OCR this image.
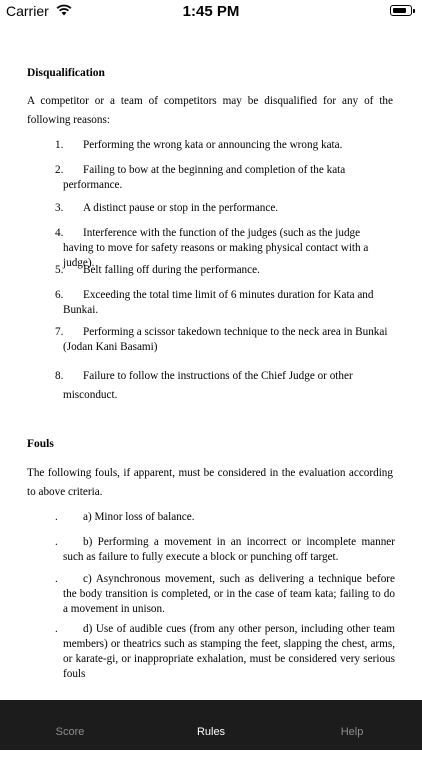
Carrier	1:45 PM
Disqualification
A competitor or a team of competitors may be disqualified for any of the following reasons:
1.	Performing the wrong kata or announcing the wrong kata.
2.	Failing to bow at the beginning and completion of the kata performance.
3.	A distinct pause or stop in the performance.
4.	Interference with the function of the judges (such as the judge having to move for safety reasons or making physical contact with a judge).
5.	Belt falling off during the performance.
6.	Exceeding the total time limit of 6 minutes duration for Kata and Bunkai.
7.	Performing a scissor takedown technique to the neck area in Bunkai (Jodan Kani Basami)
8.	Failure to follow the instructions of the Chief Judge or other misconduct.
Fouls
The following fouls, if apparent, must be considered in the evaluation according to above criteria.
.	a) Minor loss of balance.
.	b) Performing a movement in an incorrect or incomplete manner such as failure to fully execute a block or punching off target.
.	c) Asynchronous movement, such as delivering a technique before the body transition is completed, or in the case of team kata; failing to do a movement in unison.
.	d) Use of audible cues (from any other person, including other team members) or theatrics such as stamping the feet, slapping the chest, arms, or karate-gi, or inappropriate exhalation, must be considered very serious fouls
Score	Rules	Help
